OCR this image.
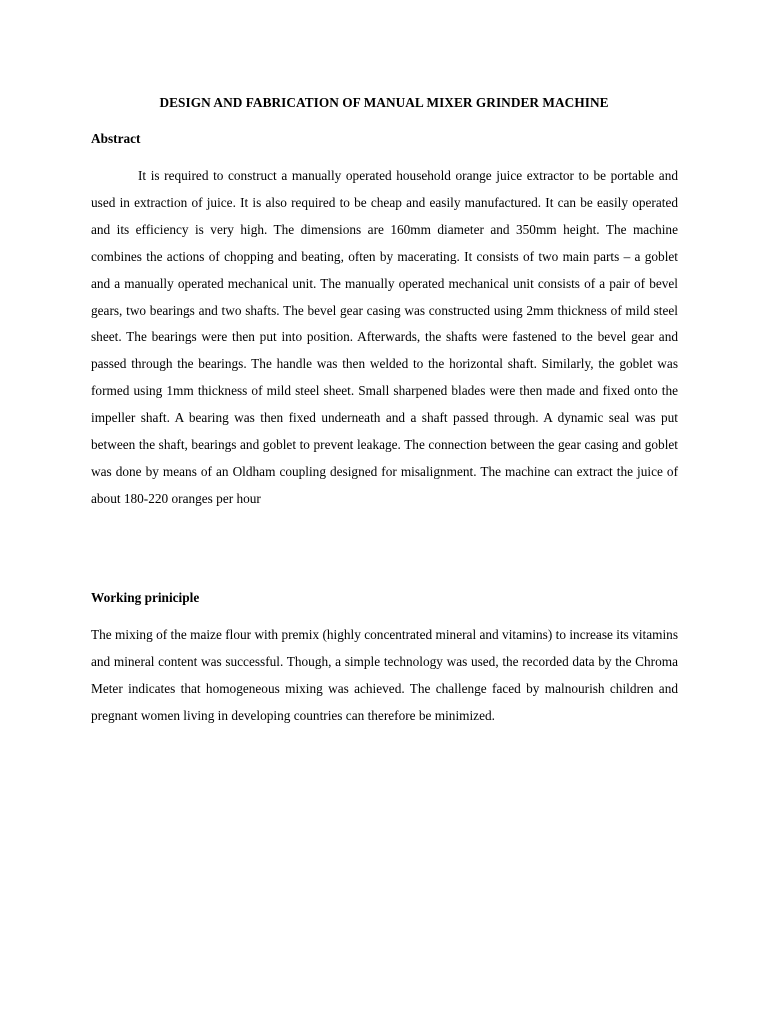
DESIGN AND FABRICATION OF MANUAL MIXER GRINDER MACHINE
Abstract

It is required to construct a manually operated household orange juice extractor to be portable and used in extraction of juice. It is also required to be cheap and easily manufactured. It can be easily operated and its efficiency is very high. The dimensions are 160mm diameter and 350mm height. The machine combines the actions of chopping and beating, often by macerating. It consists of two main parts – a goblet and a manually operated mechanical unit. The manually operated mechanical unit consists of a pair of bevel gears, two bearings and two shafts. The bevel gear casing was constructed using 2mm thickness of mild steel sheet. The bearings were then put into position. Afterwards, the shafts were fastened to the bevel gear and passed through the bearings. The handle was then welded to the horizontal shaft. Similarly, the goblet was formed using 1mm thickness of mild steel sheet. Small sharpened blades were then made and fixed onto the impeller shaft. A bearing was then fixed underneath and a shaft passed through. A dynamic seal was put between the shaft, bearings and goblet to prevent leakage. The connection between the gear casing and goblet was done by means of an Oldham coupling designed for misalignment. The machine can extract the juice of about 180-220 oranges per hour

Working priniciple

The mixing of the maize flour with premix (highly concentrated mineral and vitamins) to increase its vitamins and mineral content was successful. Though, a simple technology was used, the recorded data by the Chroma Meter indicates that homogeneous mixing was achieved. The challenge faced by malnourish children and pregnant women living in developing countries can therefore be minimized.
